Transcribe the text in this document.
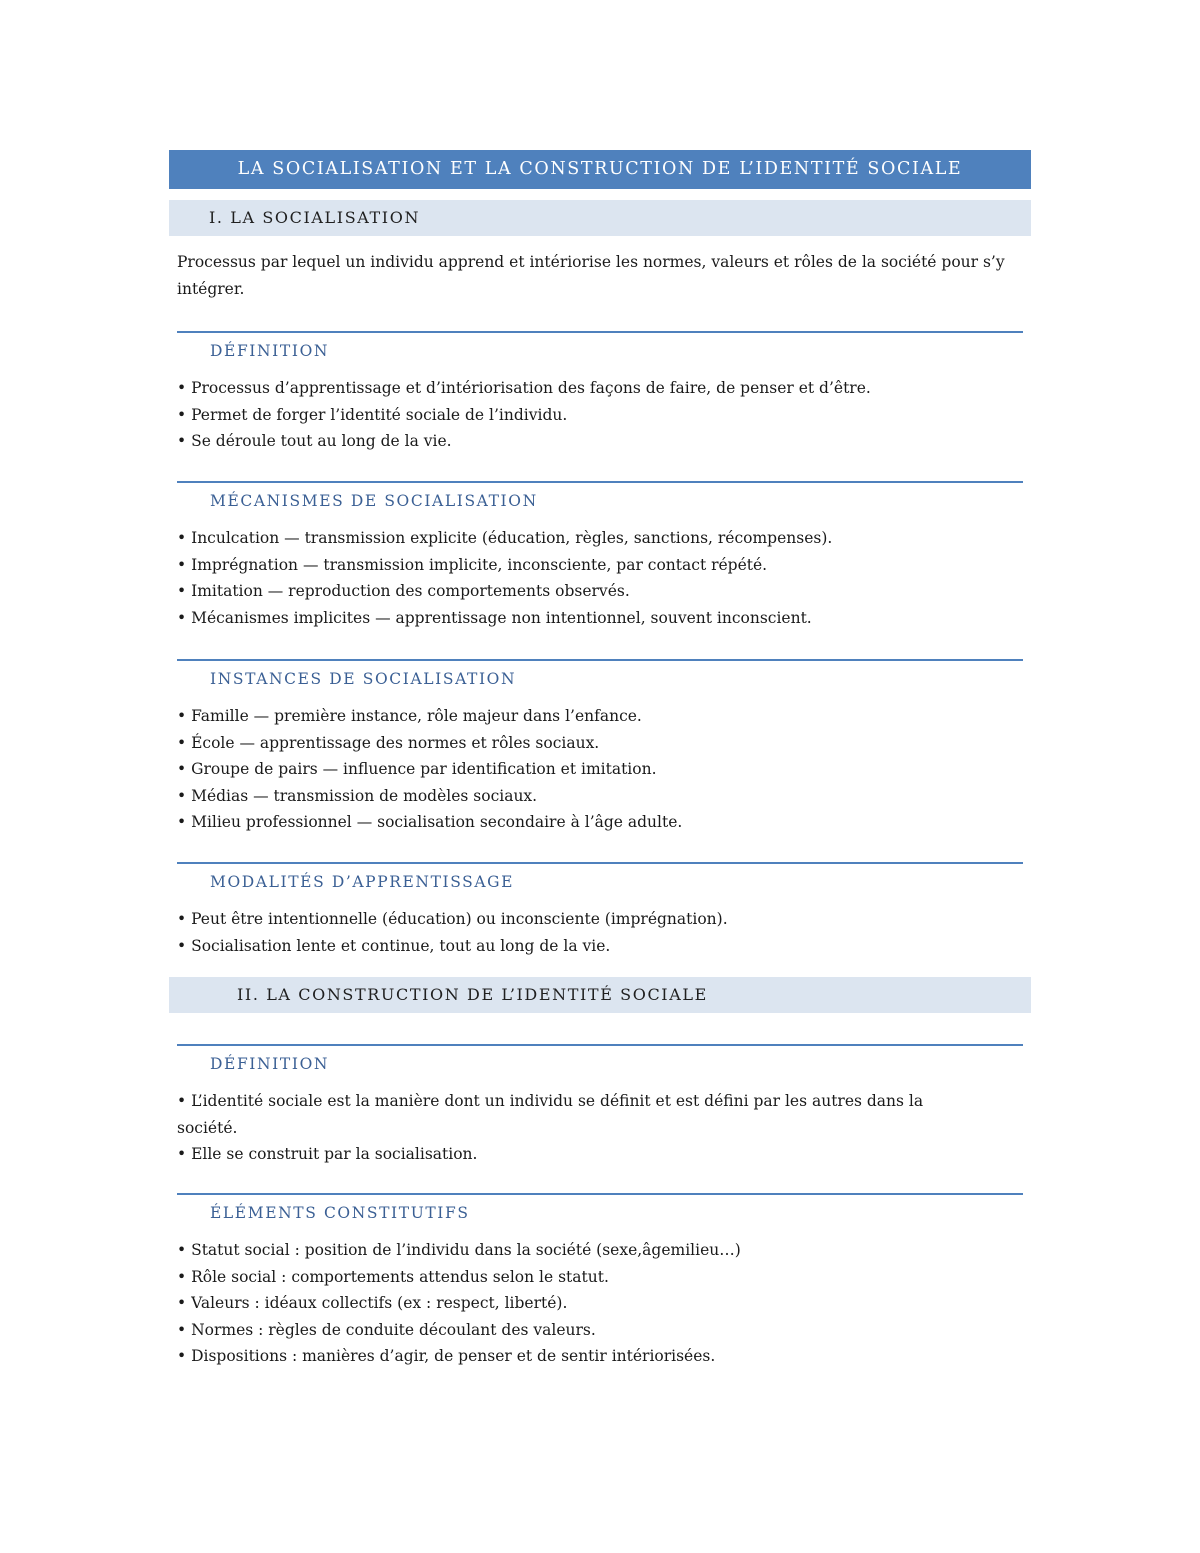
LA SOCIALISATION ET LA CONSTRUCTION DE L’IDENTITÉ SOCIALE
I. LA SOCIALISATION

Processus par lequel un individu apprend et intériorise les normes, valeurs et rôles de la société pour s’y intégrer.

DÉFINITION
• Processus d’apprentissage et d’intériorisation des façons de faire, de penser et d’être.
• Permet de forger l’identité sociale de l’individu.
• Se déroule tout au long de la vie.
MÉCANISMES DE SOCIALISATION
• Inculcation — transmission explicite (éducation, règles, sanctions, récompenses).
• Imprégnation — transmission implicite, inconsciente, par contact répété.
• Imitation — reproduction des comportements observés.
• Mécanismes implicites — apprentissage non intentionnel, souvent inconscient.
INSTANCES DE SOCIALISATION
• Famille — première instance, rôle majeur dans l’enfance.
• École — apprentissage des normes et rôles sociaux.
• Groupe de pairs — influence par identification et imitation.
• Médias — transmission de modèles sociaux.
• Milieu professionnel — socialisation secondaire à l’âge adulte.
MODALITÉS D’APPRENTISSAGE
• Peut être intentionnelle (éducation) ou inconsciente (imprégnation).
• Socialisation lente et continue, tout au long de la vie.
II. LA CONSTRUCTION DE L’IDENTITÉ SOCIALE
DÉFINITION
• L’identité sociale est la manière dont un individu se définit et est défini par les autres dans la société.
• Elle se construit par la socialisation.
ÉLÉMENTS CONSTITUTIFS
• Statut social : position de l’individu dans la société (sexe,âgemilieu…)
• Rôle social : comportements attendus selon le statut.
• Valeurs : idéaux collectifs (ex : respect, liberté).
• Normes : règles de conduite découlant des valeurs.
• Dispositions : manières d’agir, de penser et de sentir intériorisées.
